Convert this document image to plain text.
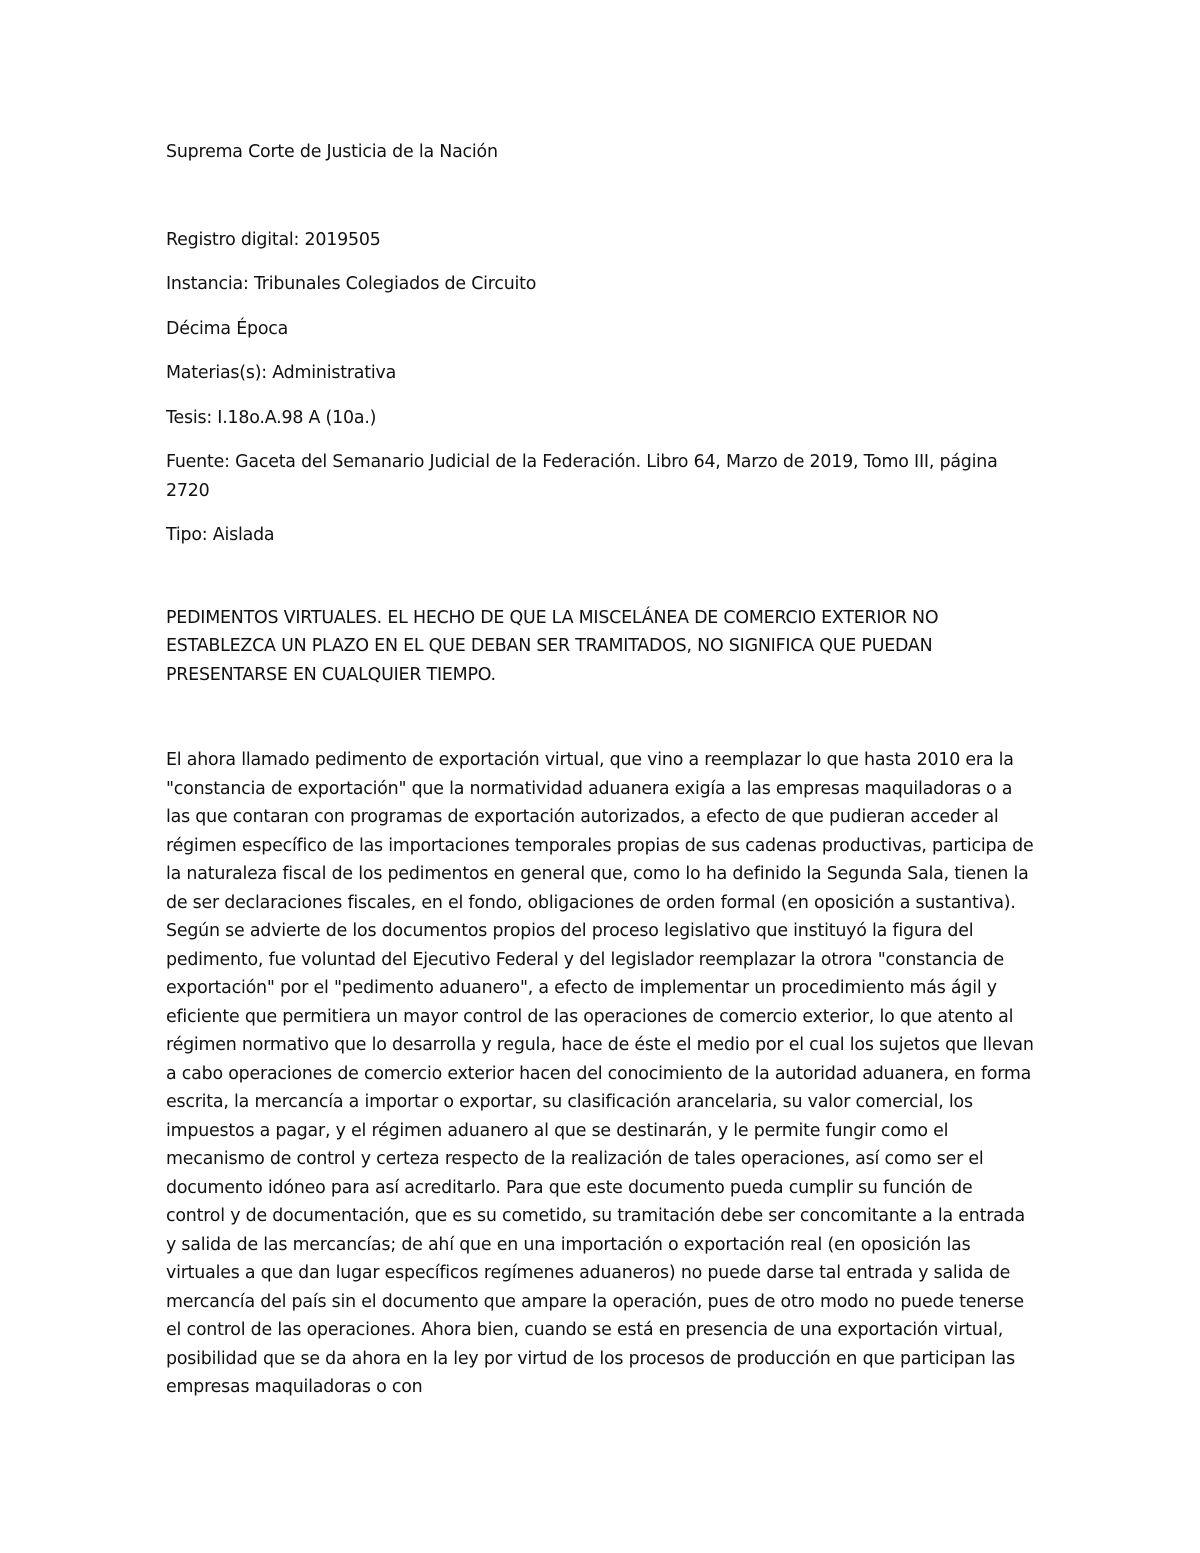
Suprema Corte de Justicia de la Nación

Registro digital: 2019505

Instancia: Tribunales Colegiados de Circuito

Décima Época

Materias(s): Administrativa

Tesis: I.18o.A.98 A (10a.)

Fuente: Gaceta del Semanario Judicial de la Federación. Libro 64, Marzo de 2019, Tomo III, página 2720

Tipo: Aislada

PEDIMENTOS VIRTUALES. EL HECHO DE QUE LA MISCELÁNEA DE COMERCIO EXTERIOR NO ESTABLEZCA UN PLAZO EN EL QUE DEBAN SER TRAMITADOS, NO SIGNIFICA QUE PUEDAN PRESENTARSE EN CUALQUIER TIEMPO.

El ahora llamado pedimento de exportación virtual, que vino a reemplazar lo que hasta 2010 era la "constancia de exportación" que la normatividad aduanera exigía a las empresas maquiladoras o a las que contaran con programas de exportación autorizados, a efecto de que pudieran acceder al régimen específico de las importaciones temporales propias de sus cadenas productivas, participa de la naturaleza fiscal de los pedimentos en general que, como lo ha definido la Segunda Sala, tienen la de ser declaraciones fiscales, en el fondo, obligaciones de orden formal (en oposición a sustantiva). Según se advierte de los documentos propios del proceso legislativo que instituyó la figura del pedimento, fue voluntad del Ejecutivo Federal y del legislador reemplazar la otrora "constancia de exportación" por el "pedimento aduanero", a efecto de implementar un procedimiento más ágil y eficiente que permitiera un mayor control de las operaciones de comercio exterior, lo que atento al régimen normativo que lo desarrolla y regula, hace de éste el medio por el cual los sujetos que llevan a cabo operaciones de comercio exterior hacen del conocimiento de la autoridad aduanera, en forma escrita, la mercancía a importar o exportar, su clasificación arancelaria, su valor comercial, los impuestos a pagar, y el régimen aduanero al que se destinarán, y le permite fungir como el mecanismo de control y certeza respecto de la realización de tales operaciones, así como ser el documento idóneo para así acreditarlo. Para que este documento pueda cumplir su función de control y de documentación, que es su cometido, su tramitación debe ser concomitante a la entrada y salida de las mercancías; de ahí que en una importación o exportación real (en oposición las virtuales a que dan lugar específicos regímenes aduaneros) no puede darse tal entrada y salida de mercancía del país sin el documento que ampare la operación, pues de otro modo no puede tenerse el control de las operaciones. Ahora bien, cuando se está en presencia de una exportación virtual, posibilidad que se da ahora en la ley por virtud de los procesos de producción en que participan las empresas maquiladoras o con
